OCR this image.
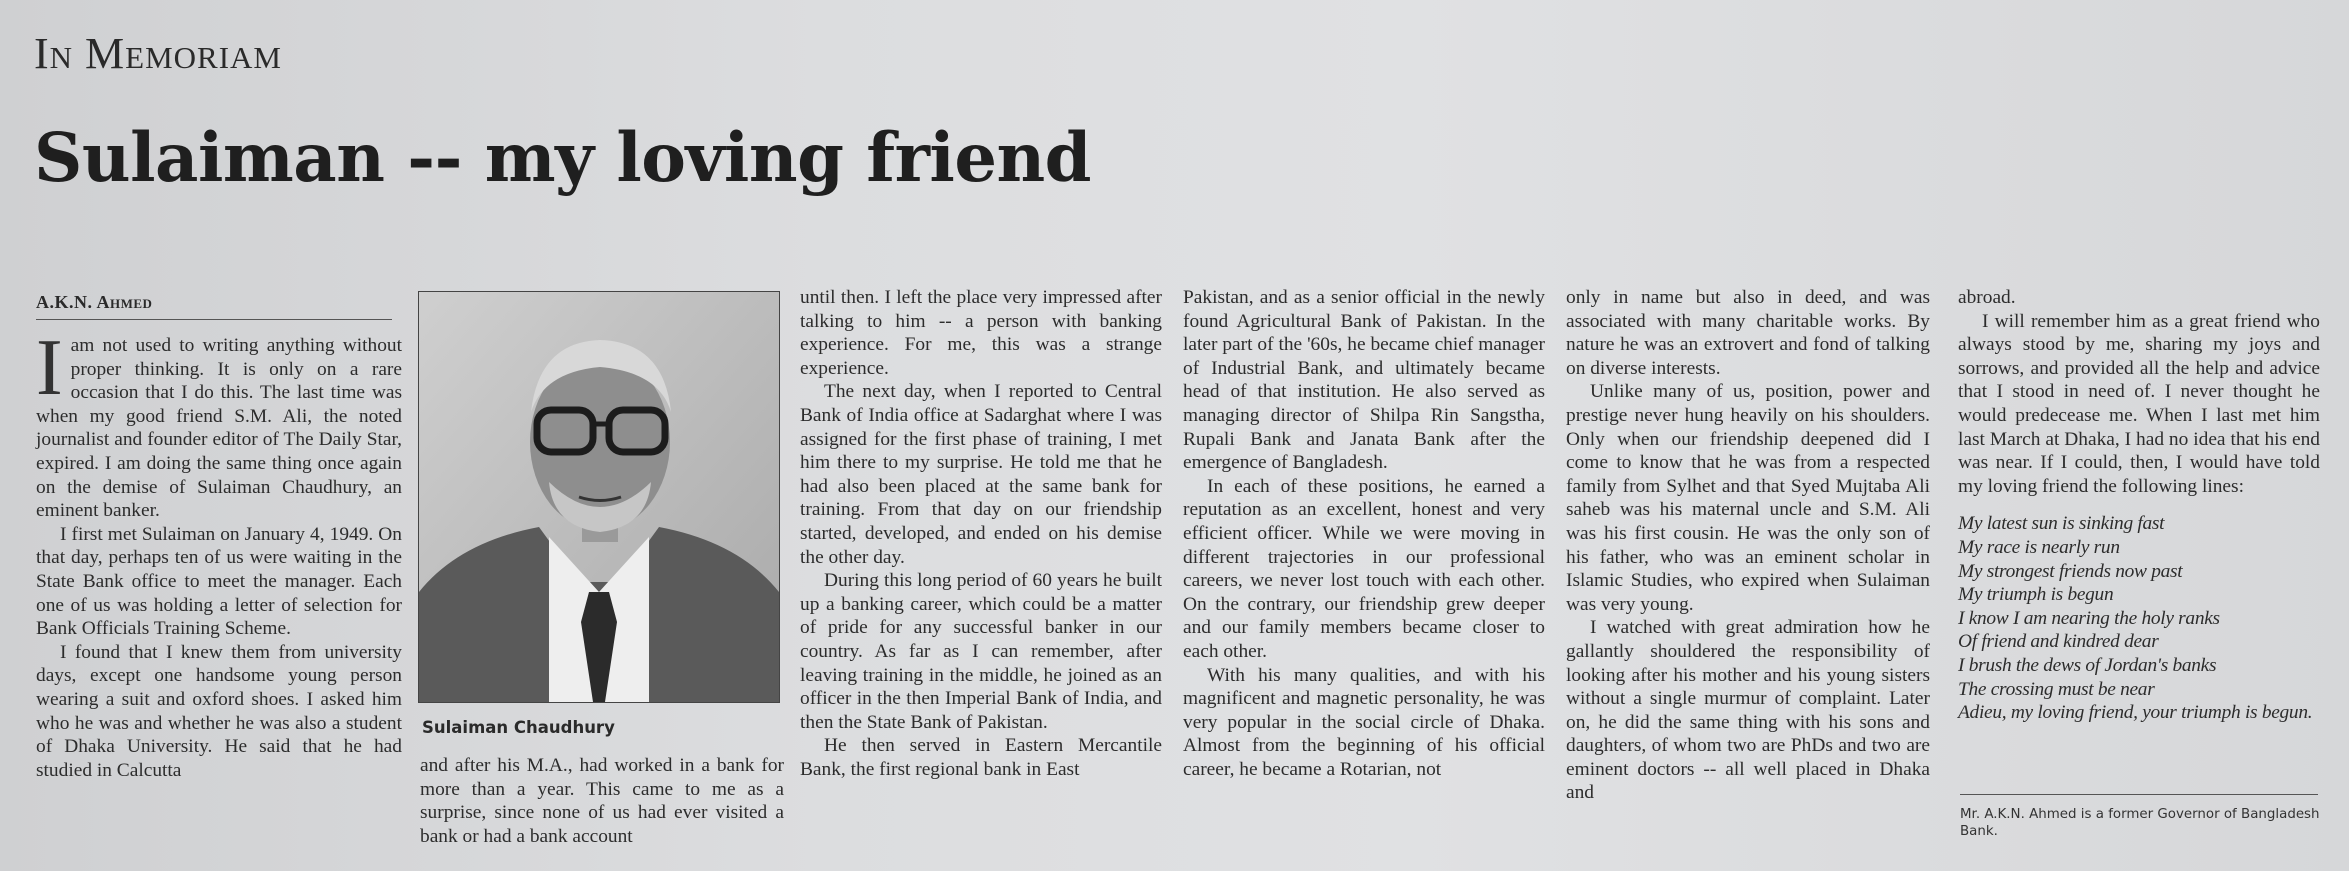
In Memoriam
Sulaiman -- my loving friend
A.K.N. Ahmed

Iam not used to writing anything without proper thinking. It is only on a rare occasion that I do this. The last time was when my good friend S.M. Ali, the noted journalist and founder editor of The Daily Star, expired. I am doing the same thing once again on the demise of Sulaiman Chaudhury, an eminent banker.

I first met Sulaiman on January 4, 1949. On that day, perhaps ten of us were waiting in the State Bank office to meet the manager. Each one of us was holding a letter of selection for Bank Officials Training Scheme.

I found that I knew them from university days, except one handsome young person wearing a suit and oxford shoes. I asked him who he was and whether he was also a student of Dhaka University. He said that he had studied in Calcutta

Sulaiman Chaudhury

and after his M.A., had worked in a bank for more than a year. This came to me as a surprise, since none of us had ever visited a bank or had a bank account

until then. I left the place very impressed after talking to him -- a person with banking experience. For me, this was a strange experience.

The next day, when I reported to Central Bank of India office at Sadarghat where I was assigned for the first phase of training, I met him there to my surprise. He told me that he had also been placed at the same bank for training. From that day on our friendship started, developed, and ended on his demise the other day.

During this long period of 60 years he built up a banking career, which could be a matter of pride for any successful banker in our country. As far as I can remember, after leaving training in the middle, he joined as an officer in the then Imperial Bank of India, and then the State Bank of Pakistan.

He then served in Eastern Mercantile Bank, the first regional bank in East

Pakistan, and as a senior official in the newly found Agricultural Bank of Pakistan. In the later part of the '60s, he became chief manager of Industrial Bank, and ultimately became head of that institution. He also served as managing director of Shilpa Rin Sangstha, Rupali Bank and Janata Bank after the emergence of Bangladesh.

In each of these positions, he earned a reputation as an excellent, honest and very efficient officer. While we were moving in different trajectories in our professional careers, we never lost touch with each other. On the contrary, our friendship grew deeper and our family members became closer to each other.

With his many qualities, and with his magnificent and magnetic personality, he was very popular in the social circle of Dhaka. Almost from the beginning of his official career, he became a Rotarian, not

only in name but also in deed, and was associated with many charitable works. By nature he was an extrovert and fond of talking on diverse interests.

Unlike many of us, position, power and prestige never hung heavily on his shoulders. Only when our friendship deepened did I come to know that he was from a respected family from Sylhet and that Syed Mujtaba Ali saheb was his maternal uncle and S.M. Ali was his first cousin. He was the only son of his father, who was an eminent scholar in Islamic Studies, who expired when Sulaiman was very young.

I watched with great admiration how he gallantly shouldered the responsibility of looking after his mother and his young sisters without a single murmur of complaint. Later on, he did the same thing with his sons and daughters, of whom two are PhDs and two are eminent doctors -- all well placed in Dhaka and

abroad.

I will remember him as a great friend who always stood by me, sharing my joys and sorrows, and provided all the help and advice that I stood in need of. I never thought he would predecease me. When I last met him last March at Dhaka, I had no idea that his end was near. If I could, then, I would have told my loving friend the following lines:

My latest sun is sinking fast

My race is nearly run

My strongest friends now past

My triumph is begun

I know I am nearing the holy ranks

Of friend and kindred dear

I brush the dews of Jordan's banks

The crossing must be near

Adieu, my loving friend, your triumph is begun.

Mr. A.K.N. Ahmed is a former Governor of Bangladesh Bank.
